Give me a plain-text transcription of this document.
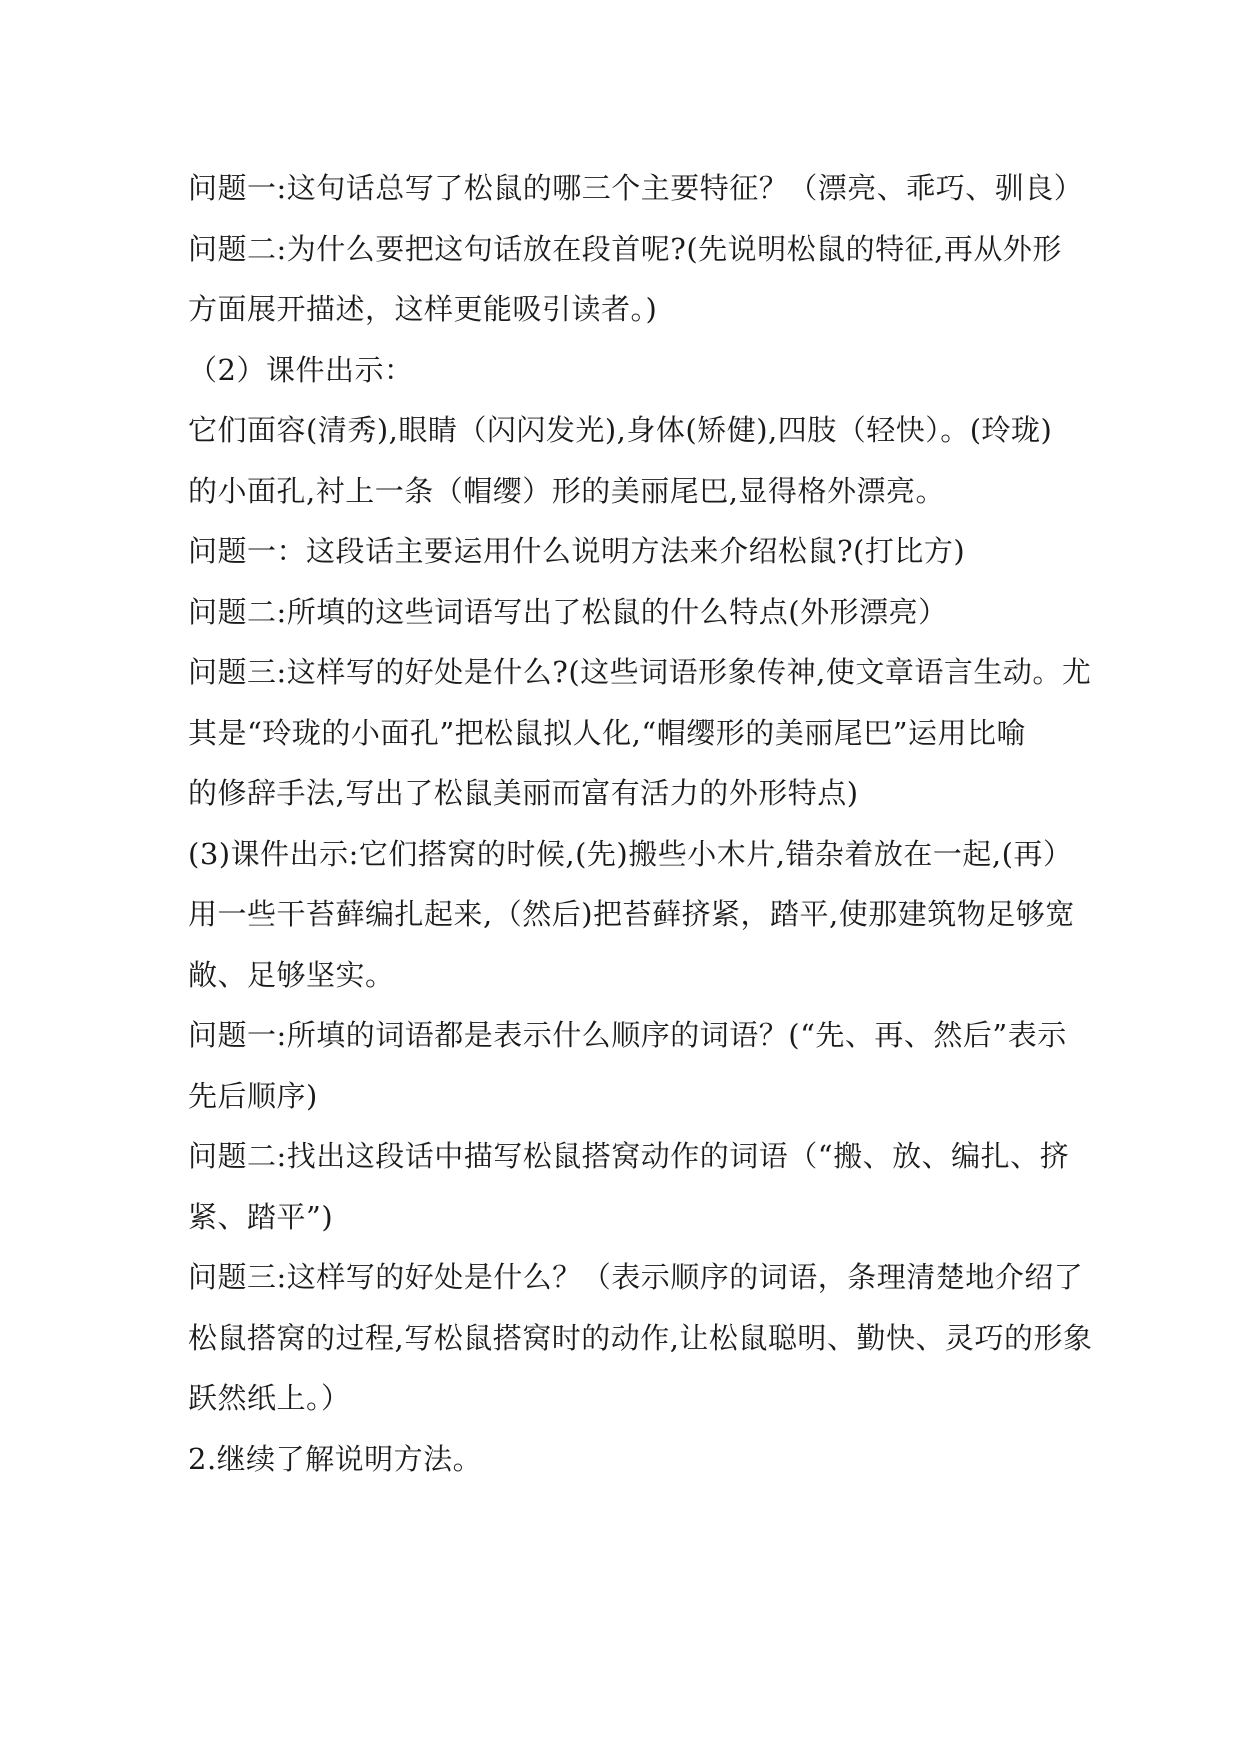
问题一:这句话总写了松鼠的哪三个主要特征？（漂亮、乖巧、驯良）
问题二:为什么要把这句话放在段首呢?(先说明松鼠的特征,再从外形
方面展开描述，这样更能吸引读者。)
（2）课件出示：
它们面容(清秀),眼睛（闪闪发光),身体(矫健),四肢（轻快）。(玲珑)
的小面孔,衬上一条（帽缨）形的美丽尾巴,显得格外漂亮。
问题一：这段话主要运用什么说明方法来介绍松鼠?(打比方)
问题二:所填的这些词语写出了松鼠的什么特点(外形漂亮）
问题三:这样写的好处是什么?(这些词语形象传神,使文章语言生动。尤
其是“玲珑的小面孔”把松鼠拟人化,“帽缨形的美丽尾巴”运用比喻
的修辞手法,写出了松鼠美丽而富有活力的外形特点)
(3)课件出示:它们搭窝的时候,(先)搬些小木片,错杂着放在一起,(再）
用一些干苔藓编扎起来,（然后)把苔藓挤紧，踏平,使那建筑物足够宽
敞、足够坚实。
问题一:所填的词语都是表示什么顺序的词语？(“先、再、然后”表示
先后顺序)
问题二:找出这段话中描写松鼠搭窝动作的词语（“搬、放、编扎、挤
紧、踏平”)
问题三:这样写的好处是什么？（表示顺序的词语，条理清楚地介绍了
松鼠搭窝的过程,写松鼠搭窝时的动作,让松鼠聪明、勤快、灵巧的形象
跃然纸上。）
2.继续了解说明方法。
